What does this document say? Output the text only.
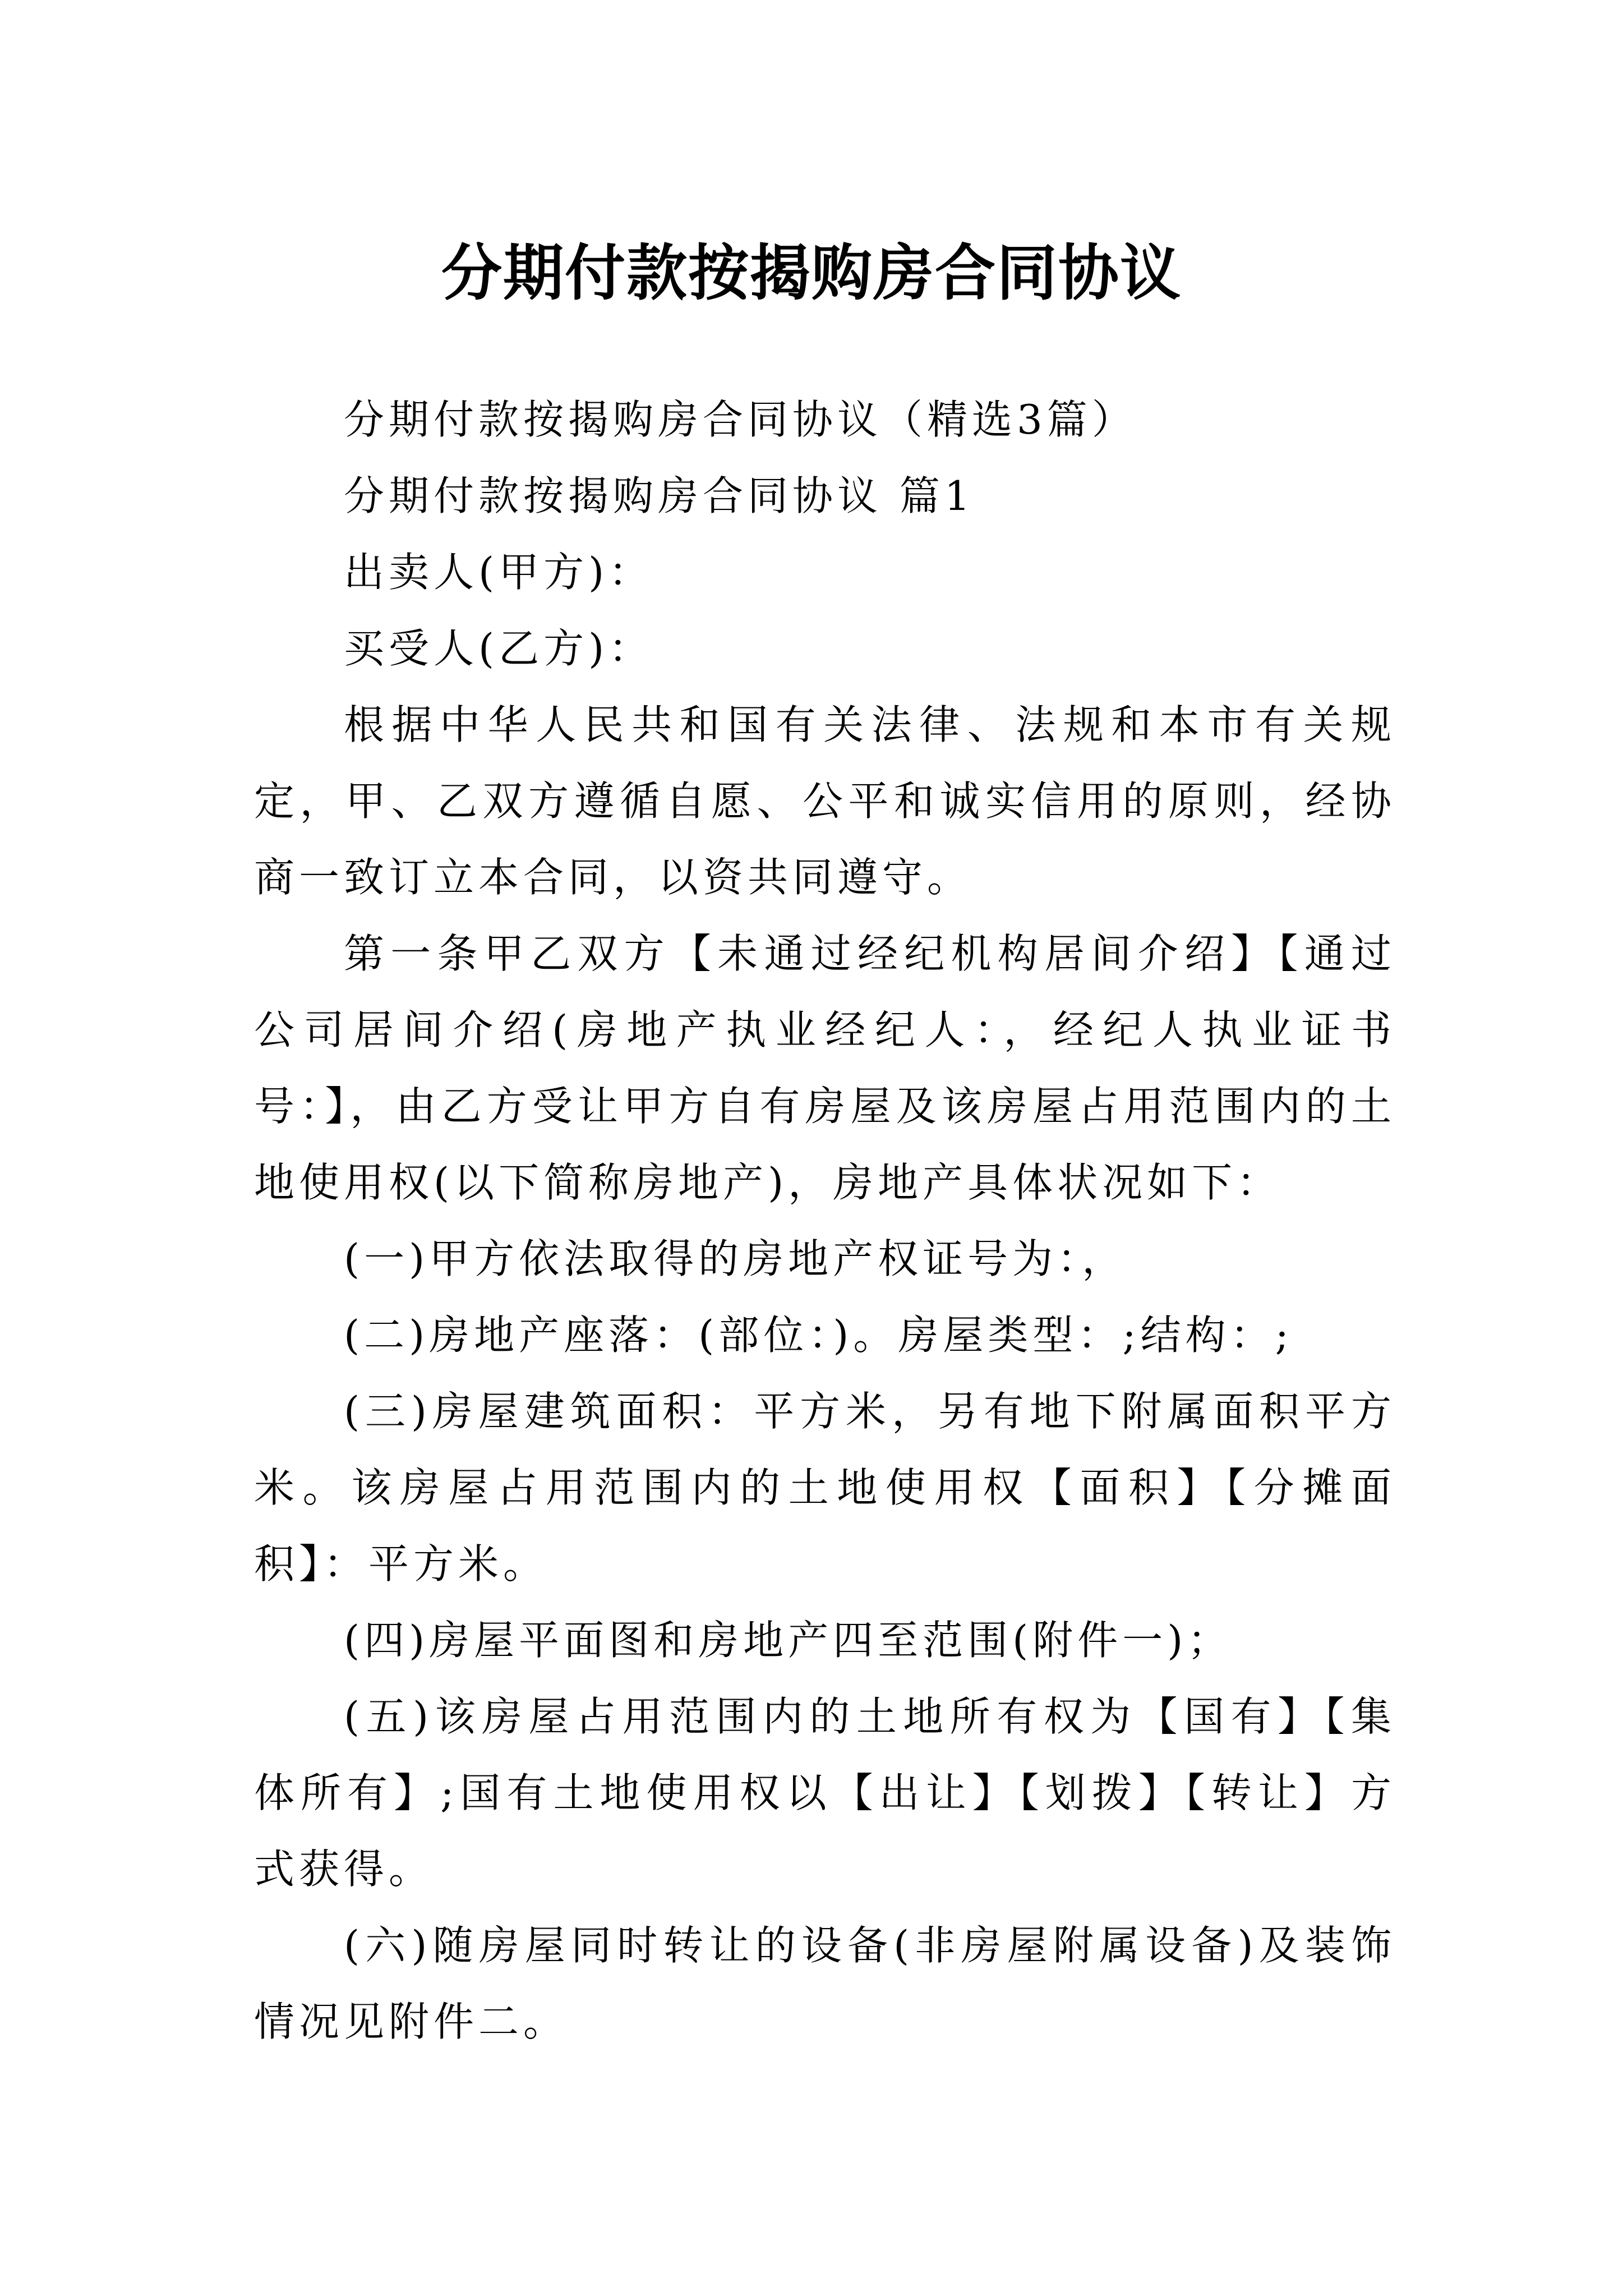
分期付款按揭购房合同协议

分期付款按揭购房合同协议（精选3篇）

分期付款按揭购房合同协议 篇1

出卖人(甲方)：

买受人(乙方)：

根据中华人民共和国有关法律、法规和本市有关规定，甲、乙双方遵循自愿、公平和诚实信用的原则，经协商一致订立本合同，以资共同遵守。

第一条甲乙双方【未通过经纪机构居间介绍】【通过公司居间介绍(房地产执业经纪人：，经纪人执业证书号：】，由乙方受让甲方自有房屋及该房屋占用范围内的土地使用权(以下简称房地产)，房地产具体状况如下：

(一)甲方依法取得的房地产权证号为：，

(二)房地产座落：(部位：)。房屋类型：;结构：;

(三)房屋建筑面积：平方米，另有地下附属面积平方米。该房屋占用范围内的土地使用权【面积】【分摊面积】：平方米。

(四)房屋平面图和房地产四至范围(附件一)；

(五)该房屋占用范围内的土地所有权为【国有】【集体所有】;国有土地使用权以【出让】【划拨】【转让】方式获得。

(六)随房屋同时转让的设备(非房屋附属设备)及装饰情况见附件二。
